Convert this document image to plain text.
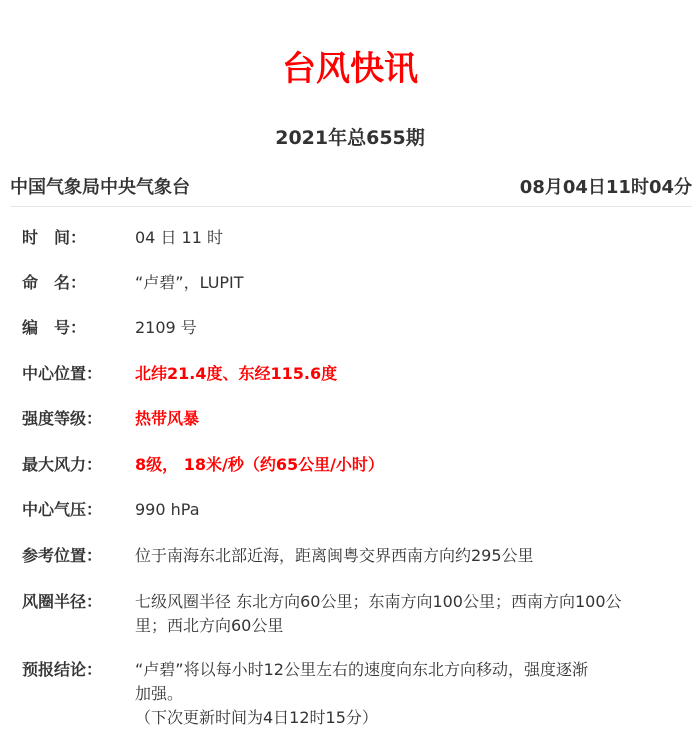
台风快讯
2021年总655期
中国气象局中央气象台	08月04日11时04分
时　间：	04 日 11 时
命　名：	“卢碧”，LUPIT
编　号：	2109 号
中心位置：	北纬21.4度、东经115.6度
强度等级：	热带风暴
最大风力：	8级， 18米/秒（约65公里/小时）
中心气压：	990 hPa
参考位置：	位于南海东北部近海，距离闽粤交界西南方向约295公里
风圈半径：	七级风圈半径 东北方向60公里；东南方向100公里；西南方向100公
里；西北方向60公里
预报结论：	“卢碧”将以每小时12公里左右的速度向东北方向移动，强度逐渐
加强。
（下次更新时间为4日12时15分）
